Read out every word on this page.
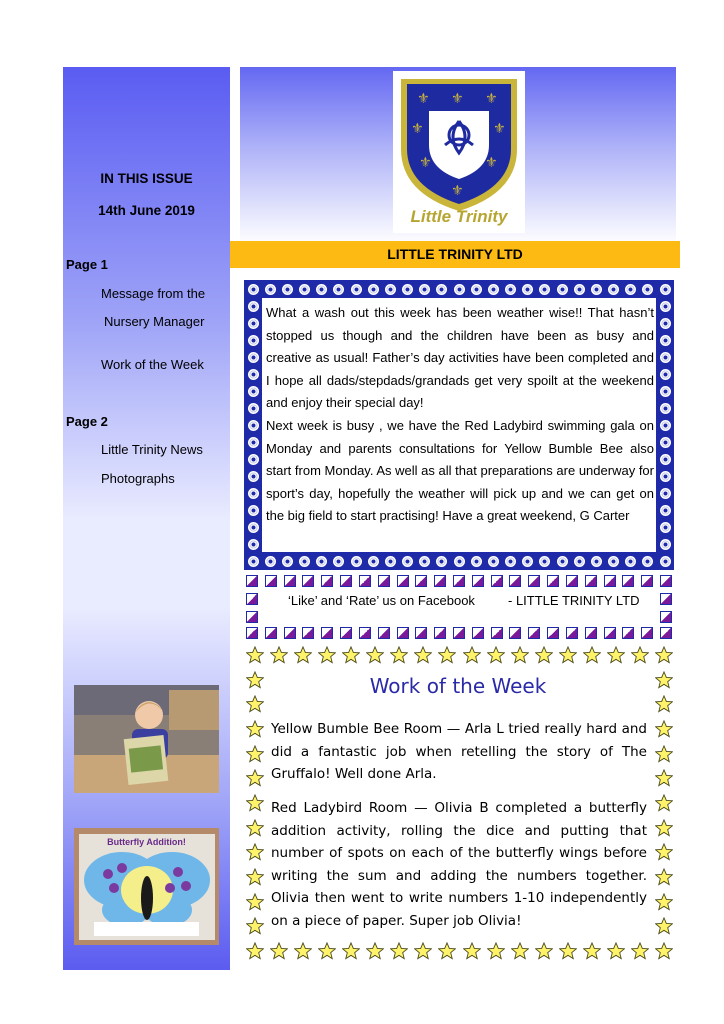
IN THIS ISSUE
14th June 2019
Page 1
Message from the
Nursery Manager
Work of the Week
Page 2
Little Trinity News
Photographs
Butterfly Addition!
⚜ ⚜ ⚜
⚜	⚜
⚜	⚜
⚜
Little Trinity
LITTLE TRINITY LTD
What a wash out this week has been weather wise!! That hasn’t stopped us though and the children have been as busy and creative as usual! Father’s day activities have been completed and I hope all dads/stepdads/grandads get very spoilt at the weekend and enjoy their special day!
Next week is busy , we have the Red Ladybird swimming gala on Monday and parents consultations for Yellow Bumble Bee also start from Monday. As well as all that preparations are underway for sport’s day, hopefully the weather will pick up and we can get on the big field to start practising! Have a great weekend, G Carter
‘Like’ and ‘Rate’ us on Facebook	- LITTLE TRINITY LTD
Work of the Week
Yellow Bumble Bee Room — Arla L tried really hard and did a fantastic job when retelling the story of The Gruffalo! Well done Arla.
Red Ladybird Room — Olivia B completed a butterfly addition activity, rolling the dice and putting that number of spots on each of the butterfly wings before writing the sum and adding the numbers together. Olivia then went to write numbers 1-10 independently on a piece of paper. Super job Olivia!
